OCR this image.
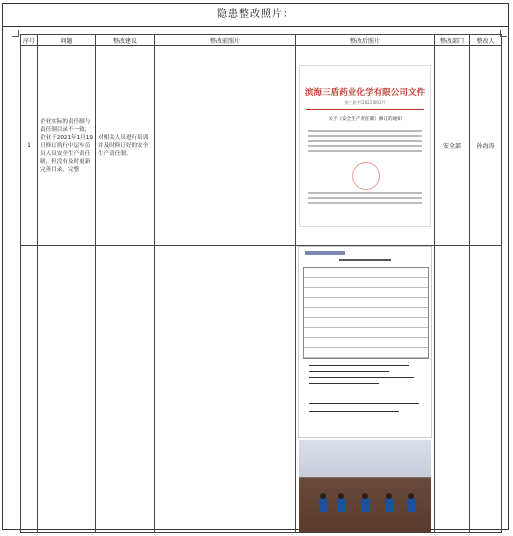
隐患整改照片：
序号	问题	整改建议	整改前照片	整改后照片	整改部门	整改人
1	企业实际的责任制与责任制目录不一致，企业于2021年1月19日修订执行中层车员员人员安全生产责任制，但没有及时更新完善目录，完整	对相关人员进行培训并及时修订好的安全生产责任制。		滨海三盾药业化学有限公司文件
滨三盾字[2021]001号
关于《安全生产责任制》修订的通知	安全部	孙海涛
